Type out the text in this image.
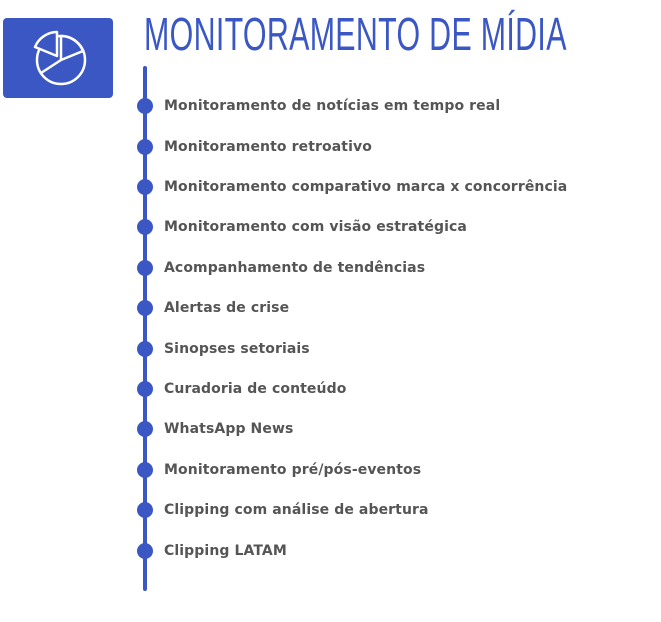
MONITORAMENTO DE MÍDIA
Monitoramento de notícias em tempo real
Monitoramento retroativo
Monitoramento comparativo marca x concorrência
Monitoramento com visão estratégica
Acompanhamento de tendências
Alertas de crise
Sinopses setoriais
Curadoria de conteúdo
WhatsApp News
Monitoramento pré/pós-eventos
Clipping com análise de abertura
Clipping LATAM
